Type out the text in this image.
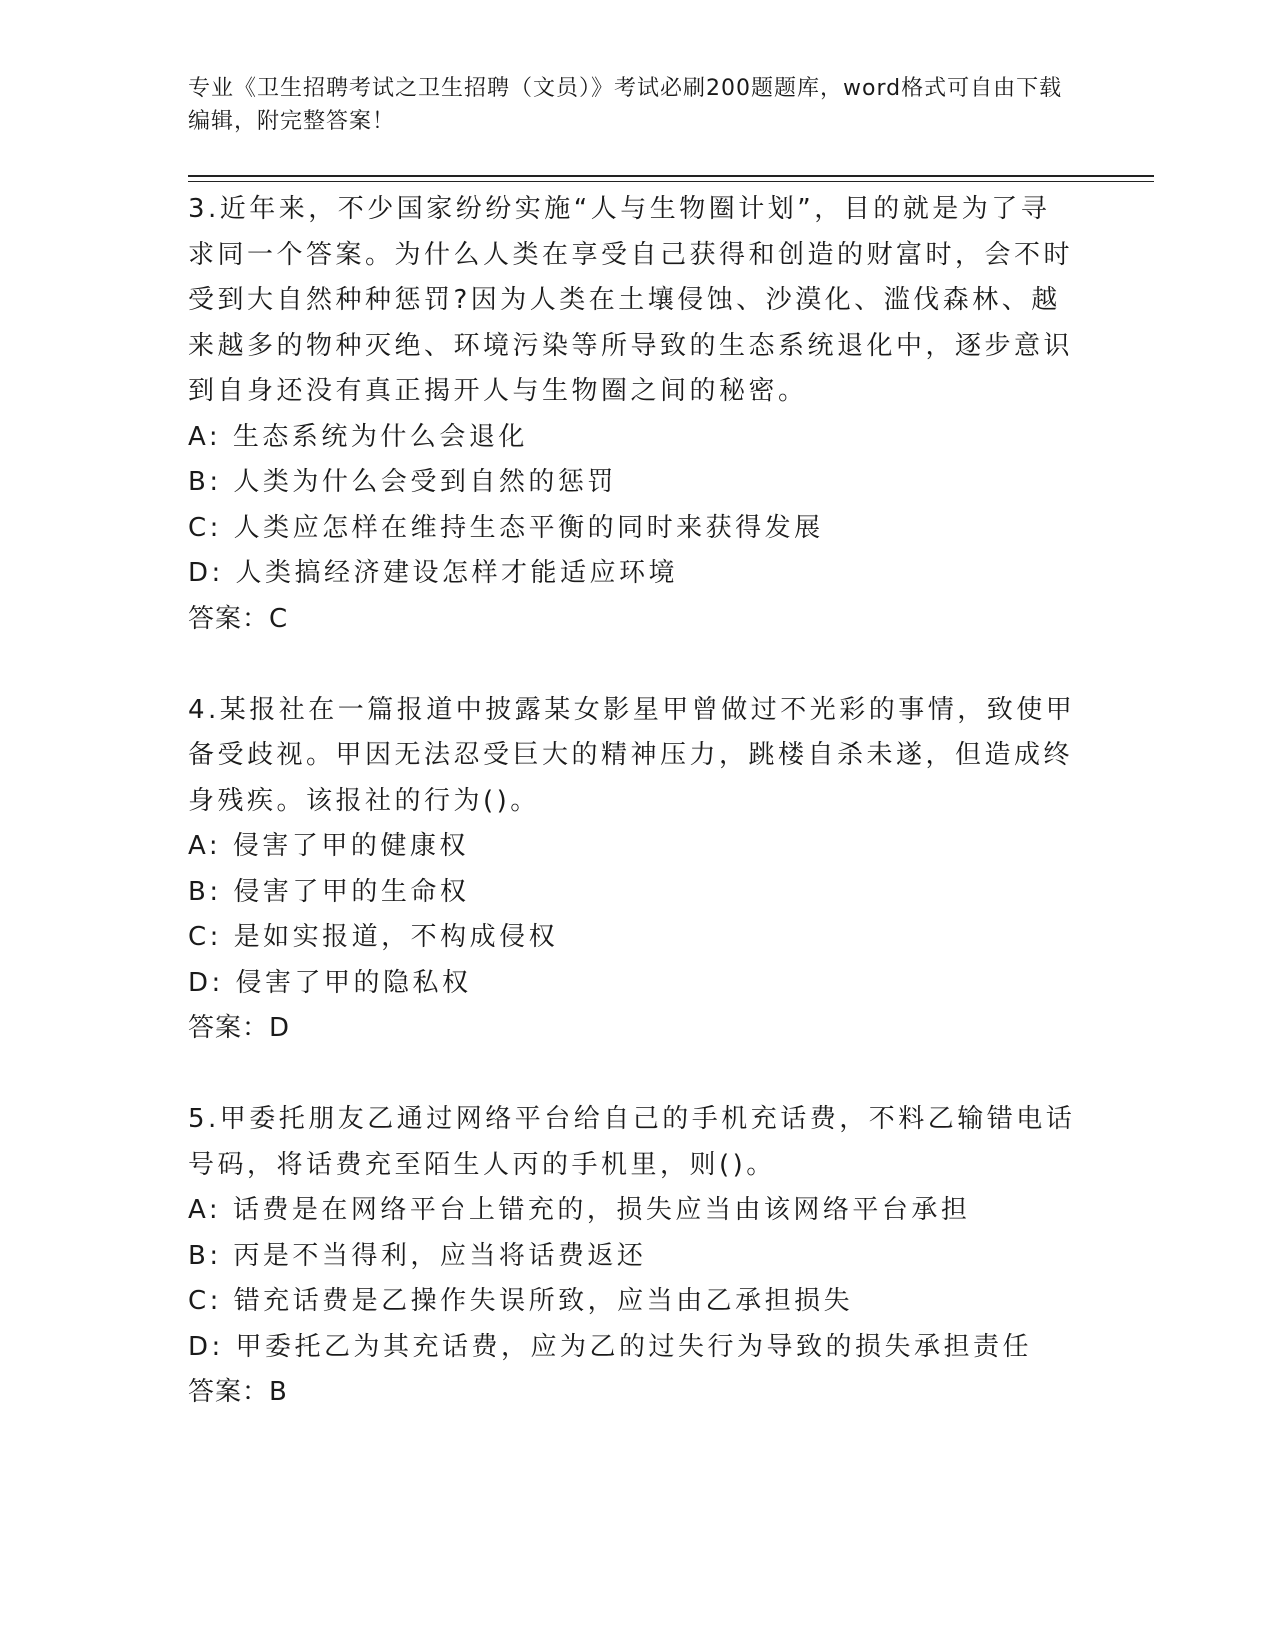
专业《卫生招聘考试之卫生招聘（文员）》考试必刷200题题库，word格式可自由下载编辑，附完整答案！

3.近年来，不少国家纷纷实施“人与生物圈计划”，目的就是为了寻求同一个答案。为什么人类在享受自己获得和创造的财富时，会不时受到大自然种种惩罚?因为人类在土壤侵蚀、沙漠化、滥伐森林、越来越多的物种灭绝、环境污染等所导致的生态系统退化中，逐步意识到自身还没有真正揭开人与生物圈之间的秘密。

A: 生态系统为什么会退化

B: 人类为什么会受到自然的惩罚

C: 人类应怎样在维持生态平衡的同时来获得发展

D: 人类搞经济建设怎样才能适应环境

答案：C

4.某报社在一篇报道中披露某女影星甲曾做过不光彩的事情，致使甲备受歧视。甲因无法忍受巨大的精神压力，跳楼自杀未遂，但造成终身残疾。该报社的行为()。

A: 侵害了甲的健康权

B: 侵害了甲的生命权

C: 是如实报道，不构成侵权

D: 侵害了甲的隐私权

答案：D

5.甲委托朋友乙通过网络平台给自己的手机充话费，不料乙输错电话号码，将话费充至陌生人丙的手机里，则()。

A: 话费是在网络平台上错充的，损失应当由该网络平台承担

B: 丙是不当得利，应当将话费返还

C: 错充话费是乙操作失误所致，应当由乙承担损失

D: 甲委托乙为其充话费，应为乙的过失行为导致的损失承担责任

答案：B
